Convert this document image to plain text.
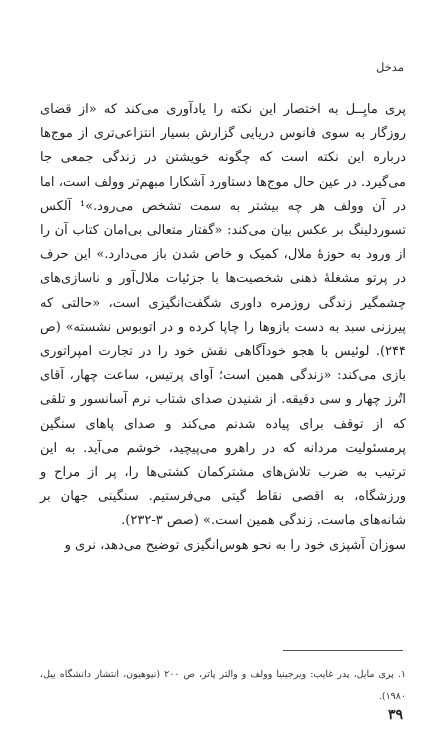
مدخل

پری مایِــل به اختصار این نکته را یادآوری می‌کند که «از قضای روزگار به سوی فانوس دریایی گزارش بسیار انتزاعی‌تری از موج‌ها درباره این نکته است که چگونه خویشتن در زندگی جمعی جا می‌گیرد. در عین حال موج‌ها دستاورد آشکارا مبهم‌تر وولف است، اما در آن وولف هر چه بیشتر به سمت تشخص می‌رود.»¹ آلکس تسوردلینگ بر عکس بیان می‌کند: «گفتار متعالی بی‌امان کتاب آن را از ورود به حوزهٔ ملال، کمیک و خاص شدن باز می‌دارد.» این حرف در پرتو مشغلهٔ ذهنی شخصیت‌ها با جزئیات ملال‌آور و ناسازی‌های چشمگیر زندگی روزمره داوری شگفت‌انگیزی است، «حالتی که پیرزنی سبد به دست بازوها را چاپا کرده و در اتوبوس نشسته» (ص ۲۴۴). لوئیس با هجو خودآگاهی نقش خود را در تجارت امپراتوری بازی می‌کند: «زندگی همین است؛ آوای پرتیس، ساعت چهار، آقای اتُرز چهار و سی دقیقه. از شنیدن صدای شتاب نرم آسانسور و تلقی که از توقف برای پیاده شدنم می‌کند و صدای پاهای سنگین پرمسئولیت مردانه که در راهرو می‌پیچید، خوشم می‌آید. به این ترتیب به ضرب تلاش‌های مشترکمان کشتی‌ها را، پر از مراح و ورزشگاه، به اقصی نقاط گیتی می‌فرستیم. سنگینی جهان بر شانه‌های ماست. زندگی همین است.» (صص ۳-۲۳۲).

سوزان آشپزی خود را به نحو هوس‌انگیزی توضیح می‌دهد، نری و

۱. پری مایل، پدر غایب: ویرجینیا وولف و والتر پاتر، ص ۲۰۰ (نیوهیون، انتشار دانشگاه ییل، ۱۹۸۰).

۳۹
